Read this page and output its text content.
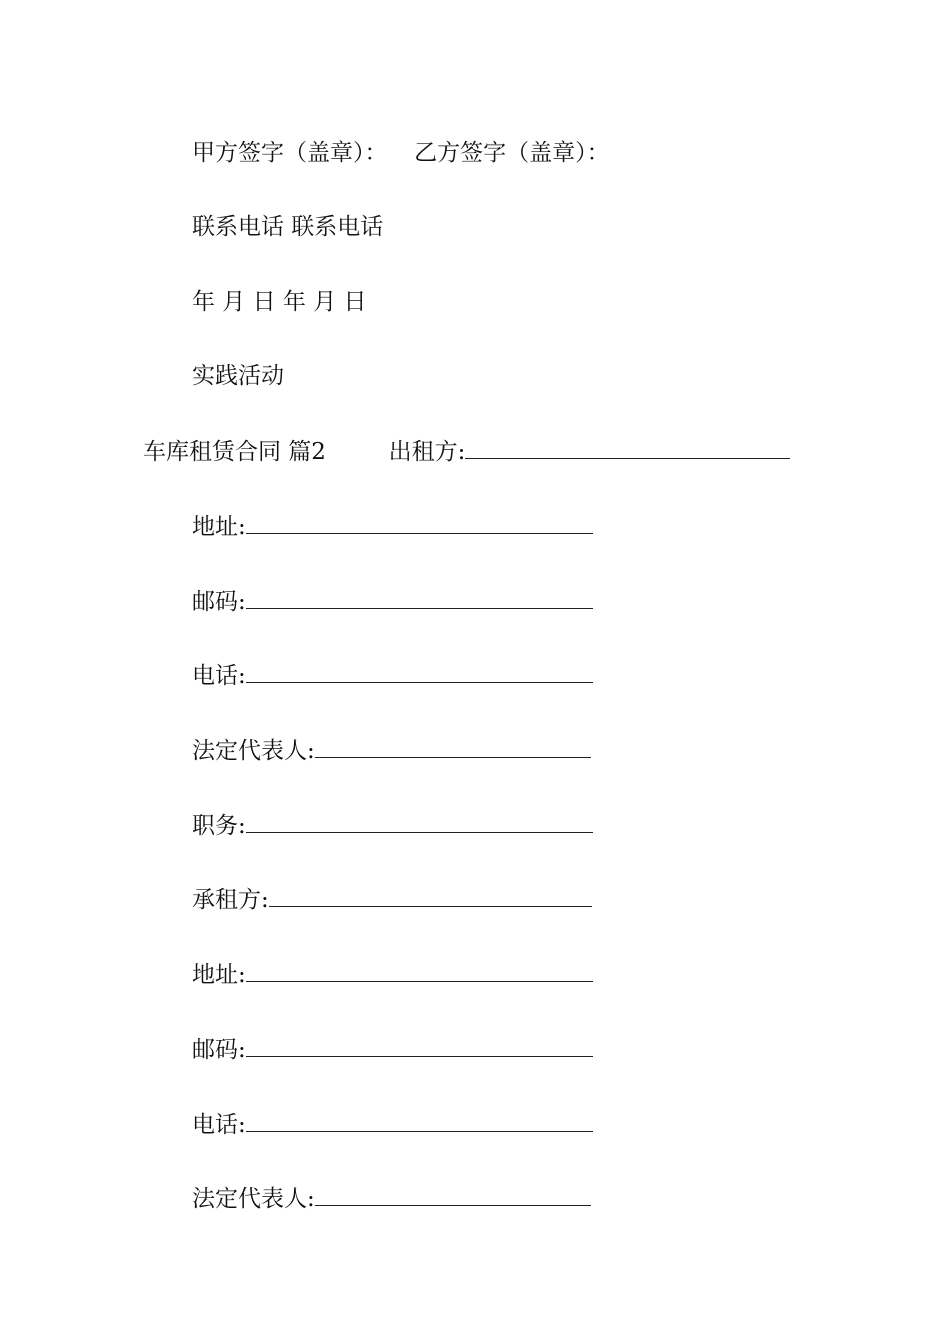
甲方签字（盖章）： 乙方签字（盖章）：
联系电话 联系电话
年 月 日 年 月 日
实践活动
车库租赁合同 篇2	出租方:
地址:
邮码:
电话:
法定代表人:
职务:
承租方:
地址:
邮码:
电话:
法定代表人:
